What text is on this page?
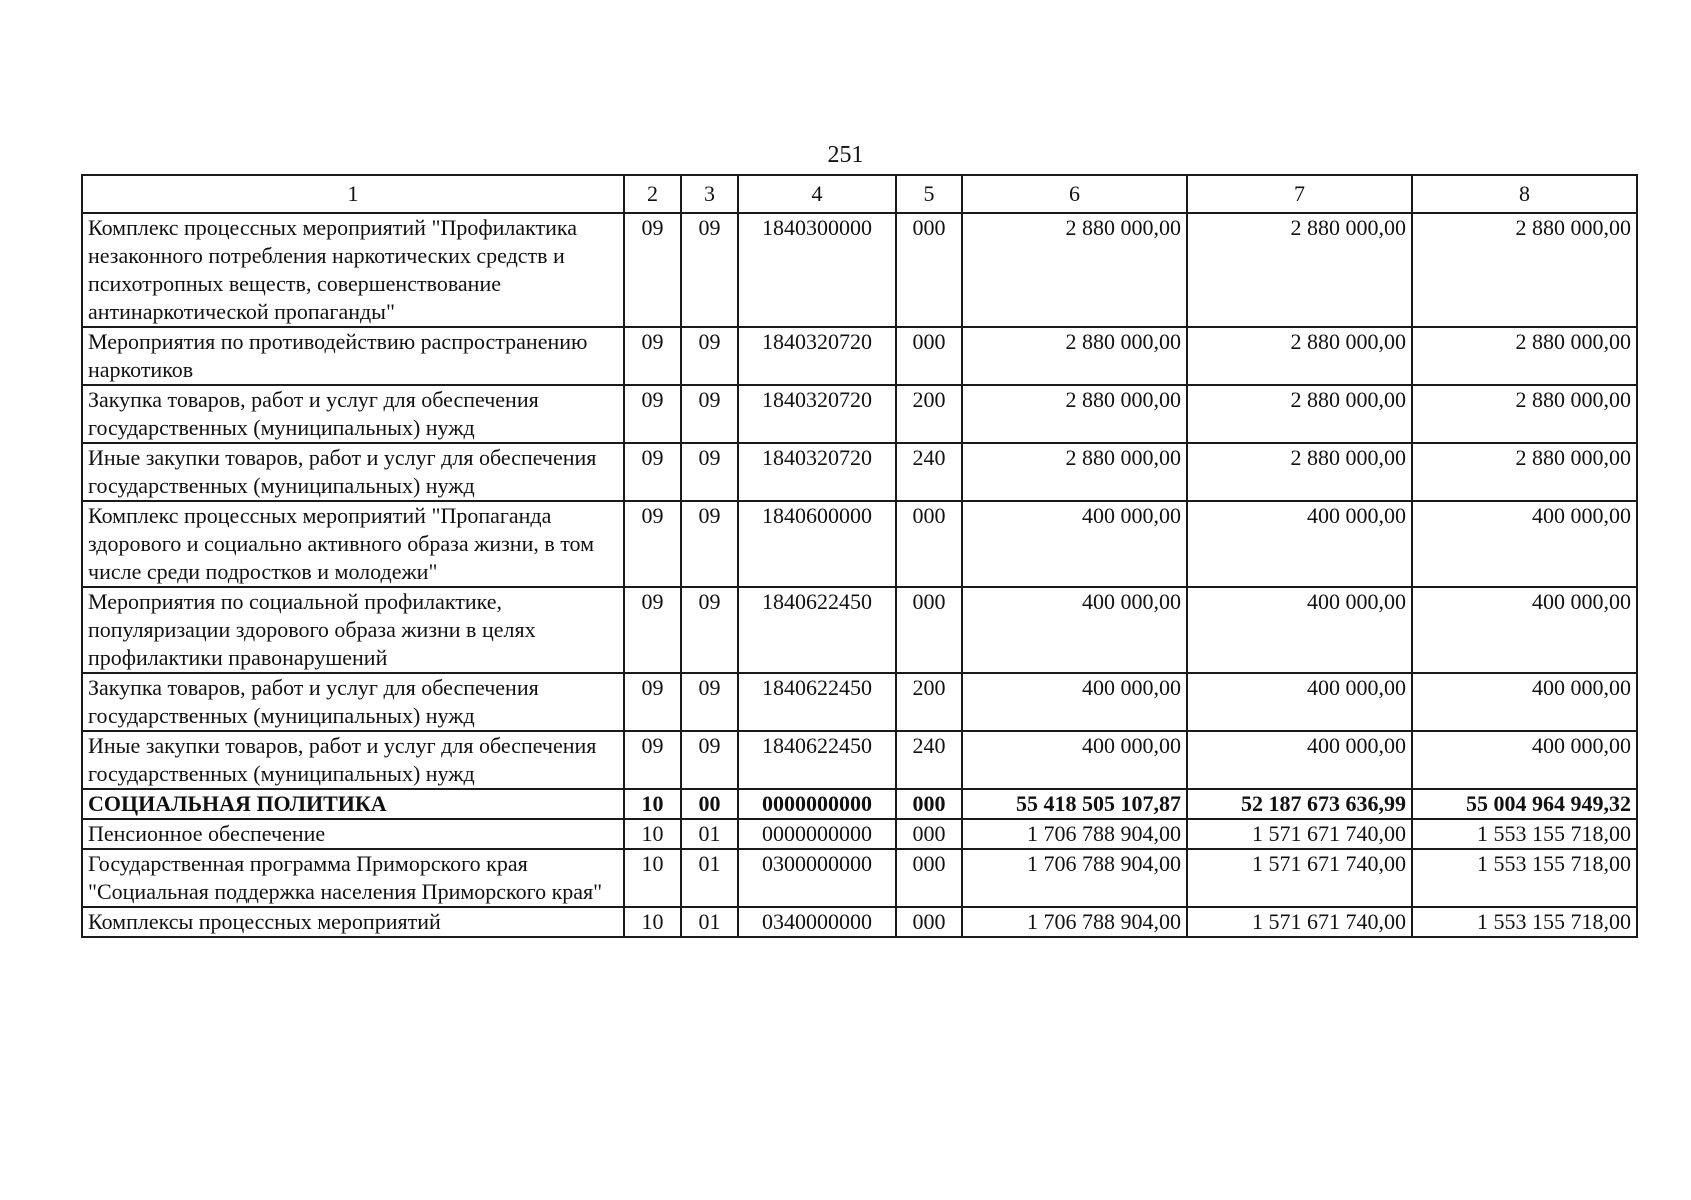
251
1	2	3	4	5	6	7	8
Комплекс процессных мероприятий "Профилактика незаконного потребления наркотических средств и психотропных веществ, совершенствование антинаркотической пропаганды"	09	09	1840300000	000	2 880 000,00	2 880 000,00	2 880 000,00
Мероприятия по противодействию распространению наркотиков	09	09	1840320720	000	2 880 000,00	2 880 000,00	2 880 000,00
Закупка товаров, работ и услуг для обеспечения государственных (муниципальных) нужд	09	09	1840320720	200	2 880 000,00	2 880 000,00	2 880 000,00
Иные закупки товаров, работ и услуг для обеспечения государственных (муниципальных) нужд	09	09	1840320720	240	2 880 000,00	2 880 000,00	2 880 000,00
Комплекс процессных мероприятий "Пропаганда здорового и социально активного образа жизни, в том числе среди подростков и молодежи"	09	09	1840600000	000	400 000,00	400 000,00	400 000,00
Мероприятия по социальной профилактике, популяризации здорового образа жизни в целях профилактики правонарушений	09	09	1840622450	000	400 000,00	400 000,00	400 000,00
Закупка товаров, работ и услуг для обеспечения государственных (муниципальных) нужд	09	09	1840622450	200	400 000,00	400 000,00	400 000,00
Иные закупки товаров, работ и услуг для обеспечения государственных (муниципальных) нужд	09	09	1840622450	240	400 000,00	400 000,00	400 000,00
СОЦИАЛЬНАЯ ПОЛИТИКА	10	00	0000000000	000	55 418 505 107,87	52 187 673 636,99	55 004 964 949,32
Пенсионное обеспечение	10	01	0000000000	000	1 706 788 904,00	1 571 671 740,00	1 553 155 718,00
Государственная программа Приморского края "Социальная поддержка населения Приморского края"	10	01	0300000000	000	1 706 788 904,00	1 571 671 740,00	1 553 155 718,00
Комплексы процессных мероприятий	10	01	0340000000	000	1 706 788 904,00	1 571 671 740,00	1 553 155 718,00
